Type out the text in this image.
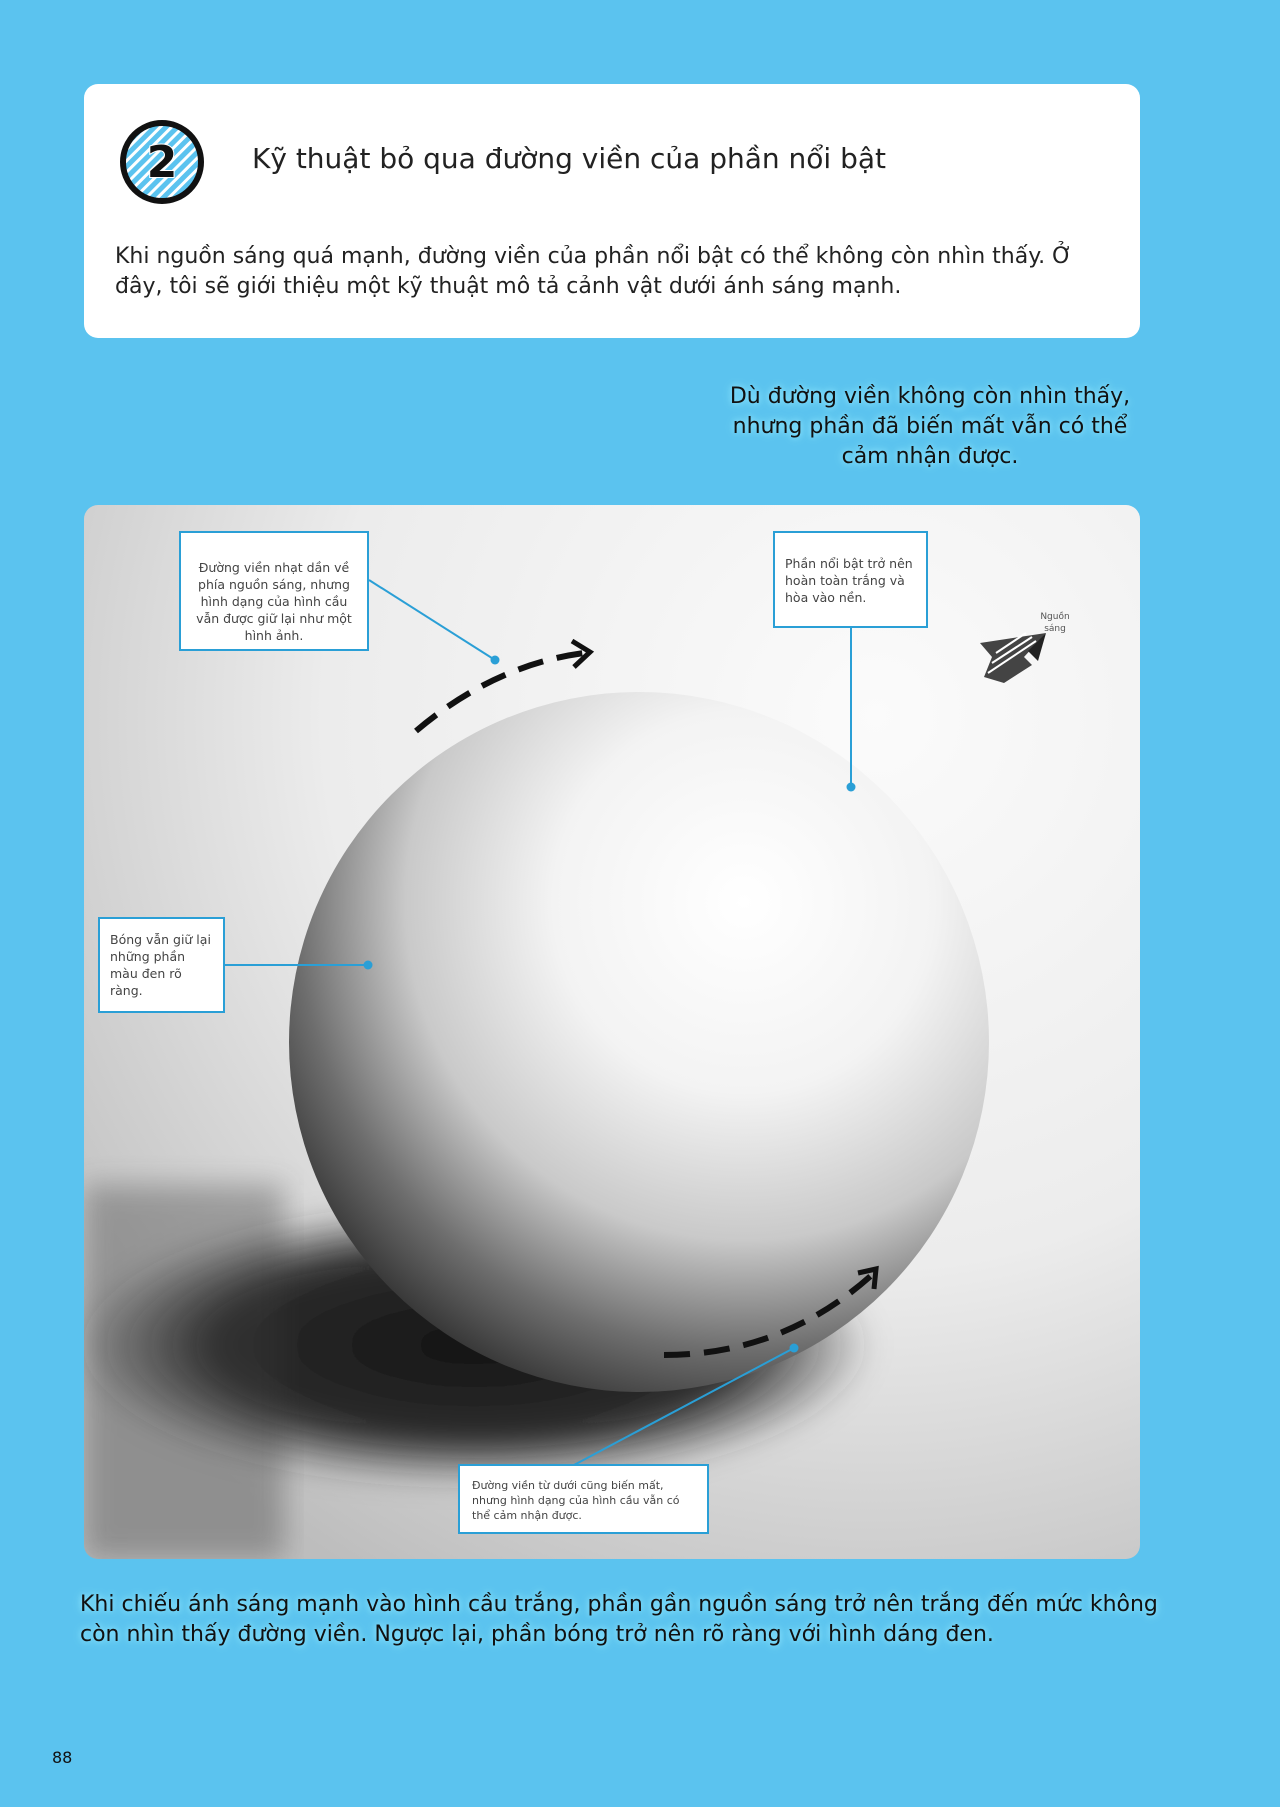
2	Kỹ thuật bỏ qua đường viền của phần nổi bật
Khi nguồn sáng quá mạnh, đường viền của phần nổi bật có thể không còn nhìn thấy. Ở đây, tôi sẽ giới thiệu một kỹ thuật mô tả cảnh vật dưới ánh sáng mạnh.
Dù đường viền không còn nhìn thấy, nhưng phần đã biến mất vẫn có thể cảm nhận được.
Đường viền nhạt dần về phía nguồn sáng, nhưng hình dạng của hình cầu vẫn được giữ lại như một hình ảnh.
Phần nổi bật trở nên hoàn toàn trắng và hòa vào nền.
Bóng vẫn giữ lại những phần màu đen rõ ràng.
Đường viền từ dưới cũng biến mất, nhưng hình dạng của hình cầu vẫn có thể cảm nhận được.
Nguồn sáng
Khi chiếu ánh sáng mạnh vào hình cầu trắng, phần gần nguồn sáng trở nên trắng đến mức không còn nhìn thấy đường viền. Ngược lại, phần bóng trở nên rõ ràng với hình dáng đen.
88
